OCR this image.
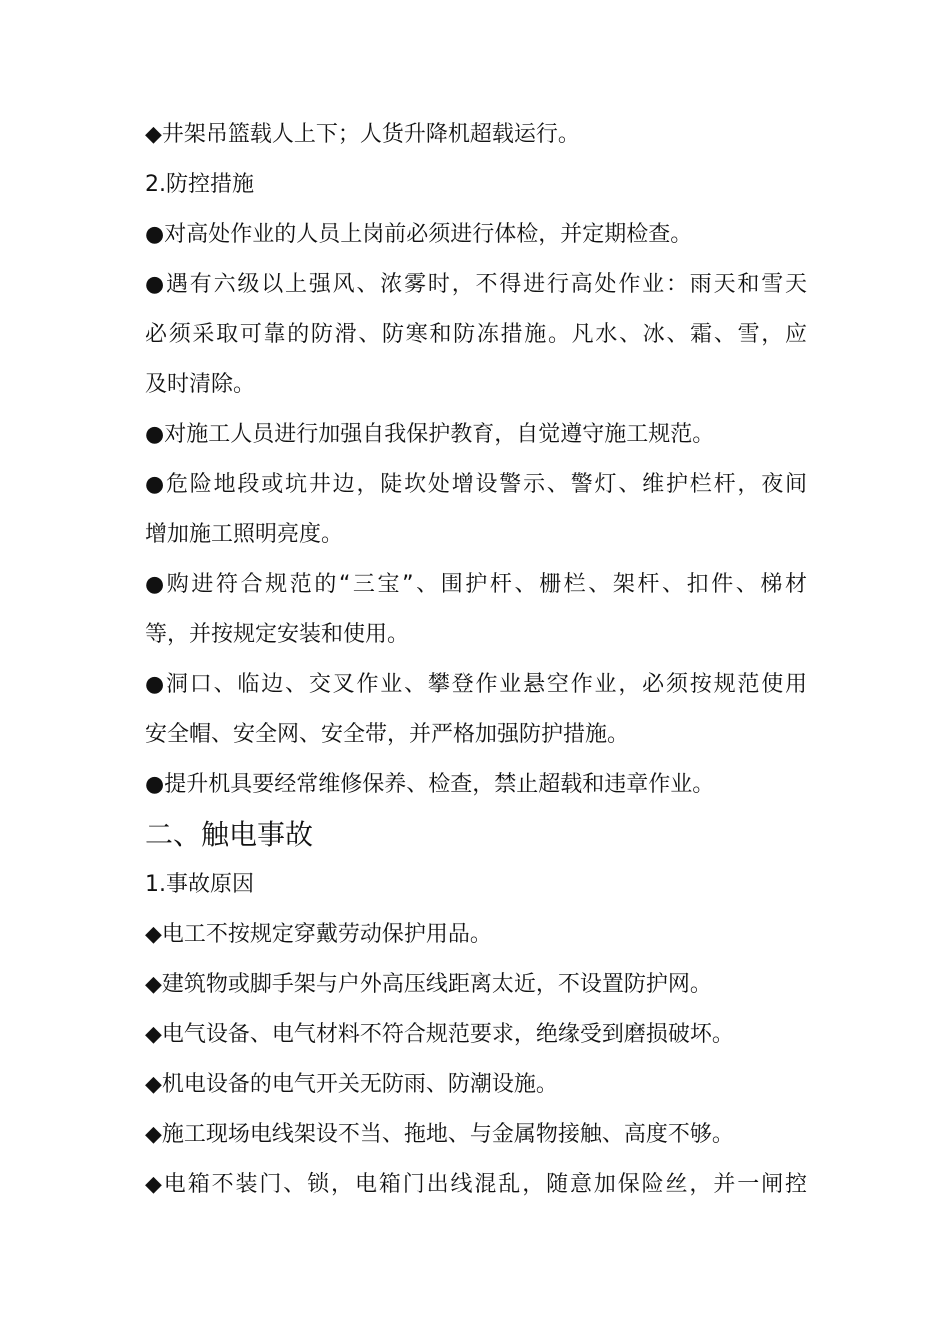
◆井架吊篮载人上下；人货升降机超载运行。
2.防控措施
●对高处作业的人员上岗前必须进行体检，并定期检查。
●遇有六级以上强风、浓雾时，不得进行高处作业：雨天和雪天
必须采取可靠的防滑、防寒和防冻措施。凡水、冰、霜、雪，应
及时清除。
●对施工人员进行加强自我保护教育，自觉遵守施工规范。
●危险地段或坑井边，陡坎处增设警示、警灯、维护栏杆，夜间
增加施工照明亮度。
●购进符合规范的“三宝”、围护杆、栅栏、架杆、扣件、梯材
等，并按规定安装和使用。
●洞口、临边、交叉作业、攀登作业悬空作业，必须按规范使用
安全帽、安全网、安全带，并严格加强防护措施。
●提升机具要经常维修保养、检查，禁止超载和违章作业。
二、触电事故
1.事故原因
◆电工不按规定穿戴劳动保护用品。
◆建筑物或脚手架与户外高压线距离太近，不设置防护网。
◆电气设备、电气材料不符合规范要求，绝缘受到磨损破坏。
◆机电设备的电气开关无防雨、防潮设施。
◆施工现场电线架设不当、拖地、与金属物接触、高度不够。
◆电箱不装门、锁，电箱门出线混乱，随意加保险丝，并一闸控
